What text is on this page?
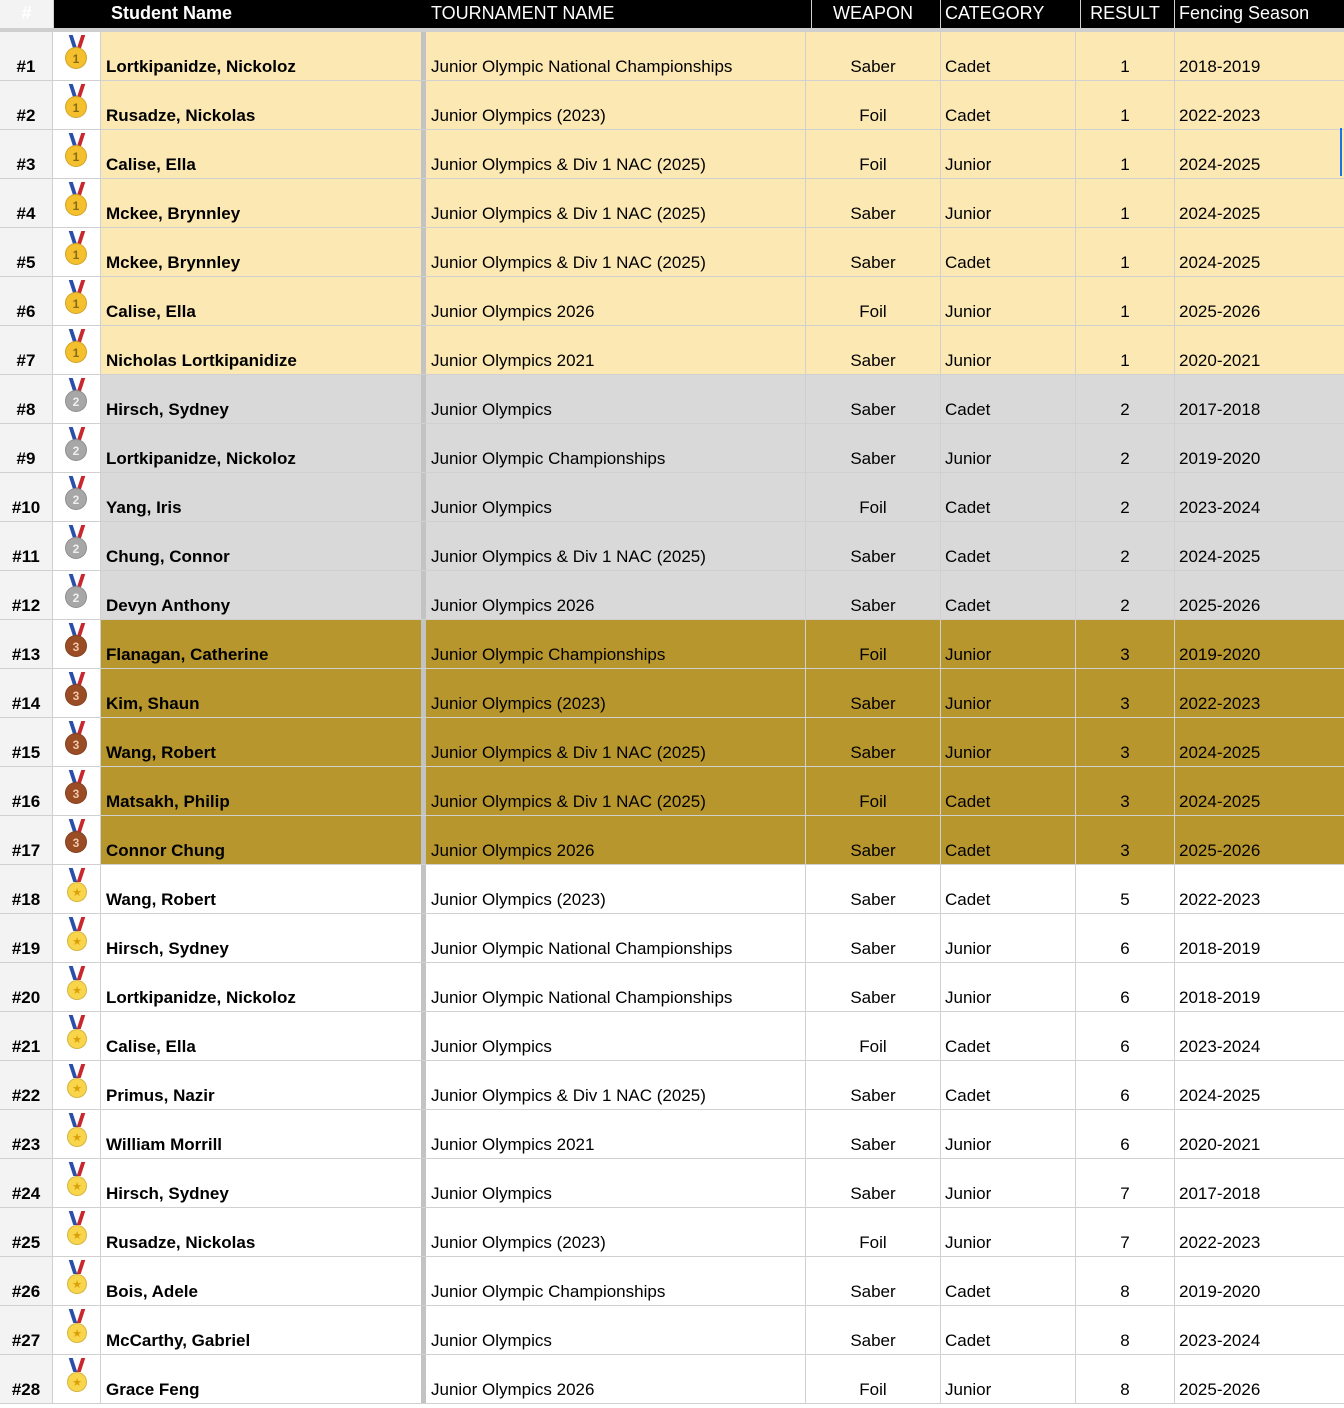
#	Student Name	TOURNAMENT NAME	WEAPON	CATEGORY	RESULT	Fencing Season
#1	1	Lortkipanidze, Nickoloz	Junior Olympic National Championships	Saber	Cadet	1	2018-2019
#2	1	Rusadze, Nickolas	Junior Olympics (2023)	Foil	Cadet	1	2022-2023
#3	1	Calise, Ella	Junior Olympics & Div 1 NAC (2025)	Foil	Junior	1	2024-2025
#4	1	Mckee, Brynnley	Junior Olympics & Div 1 NAC (2025)	Saber	Junior	1	2024-2025
#5	1	Mckee, Brynnley	Junior Olympics & Div 1 NAC (2025)	Saber	Cadet	1	2024-2025
#6	1	Calise, Ella	Junior Olympics 2026	Foil	Junior	1	2025-2026
#7	1	Nicholas Lortkipanidize	Junior Olympics 2021	Saber	Junior	1	2020-2021
#8	2	Hirsch, Sydney	Junior Olympics	Saber	Cadet	2	2017-2018
#9	2	Lortkipanidze, Nickoloz	Junior Olympic Championships	Saber	Junior	2	2019-2020
#10	2	Yang, Iris	Junior Olympics	Foil	Cadet	2	2023-2024
#11	2	Chung, Connor	Junior Olympics & Div 1 NAC (2025)	Saber	Cadet	2	2024-2025
#12	2	Devyn Anthony	Junior Olympics 2026	Saber	Cadet	2	2025-2026
#13	3	Flanagan, Catherine	Junior Olympic Championships	Foil	Junior	3	2019-2020
#14	3	Kim, Shaun	Junior Olympics (2023)	Saber	Junior	3	2022-2023
#15	3	Wang, Robert	Junior Olympics & Div 1 NAC (2025)	Saber	Junior	3	2024-2025
#16	3	Matsakh, Philip	Junior Olympics & Div 1 NAC (2025)	Foil	Cadet	3	2024-2025
#17	3	Connor Chung	Junior Olympics 2026	Saber	Cadet	3	2025-2026
#18	★ Wang, Robert	Junior Olympics (2023)	Saber	Cadet	5	2022-2023
#19	★ Hirsch, Sydney	Junior Olympic National Championships	Saber	Junior	6	2018-2019
#20	★ Lortkipanidze, Nickoloz	Junior Olympic National Championships	Saber	Junior	6	2018-2019
#21	★ Calise, Ella	Junior Olympics	Foil	Cadet	6	2023-2024
#22	★ Primus, Nazir	Junior Olympics & Div 1 NAC (2025)	Saber	Cadet	6	2024-2025
#23	★ William Morrill	Junior Olympics 2021	Saber	Junior	6	2020-2021
#24	★ Hirsch, Sydney	Junior Olympics	Saber	Junior	7	2017-2018
#25	★ Rusadze, Nickolas	Junior Olympics (2023)	Foil	Junior	7	2022-2023
#26	★ Bois, Adele	Junior Olympic Championships	Saber	Cadet	8	2019-2020
#27	★ McCarthy, Gabriel	Junior Olympics	Saber	Cadet	8	2023-2024
#28	★ Grace Feng	Junior Olympics 2026	Foil	Junior	8	2025-2026
